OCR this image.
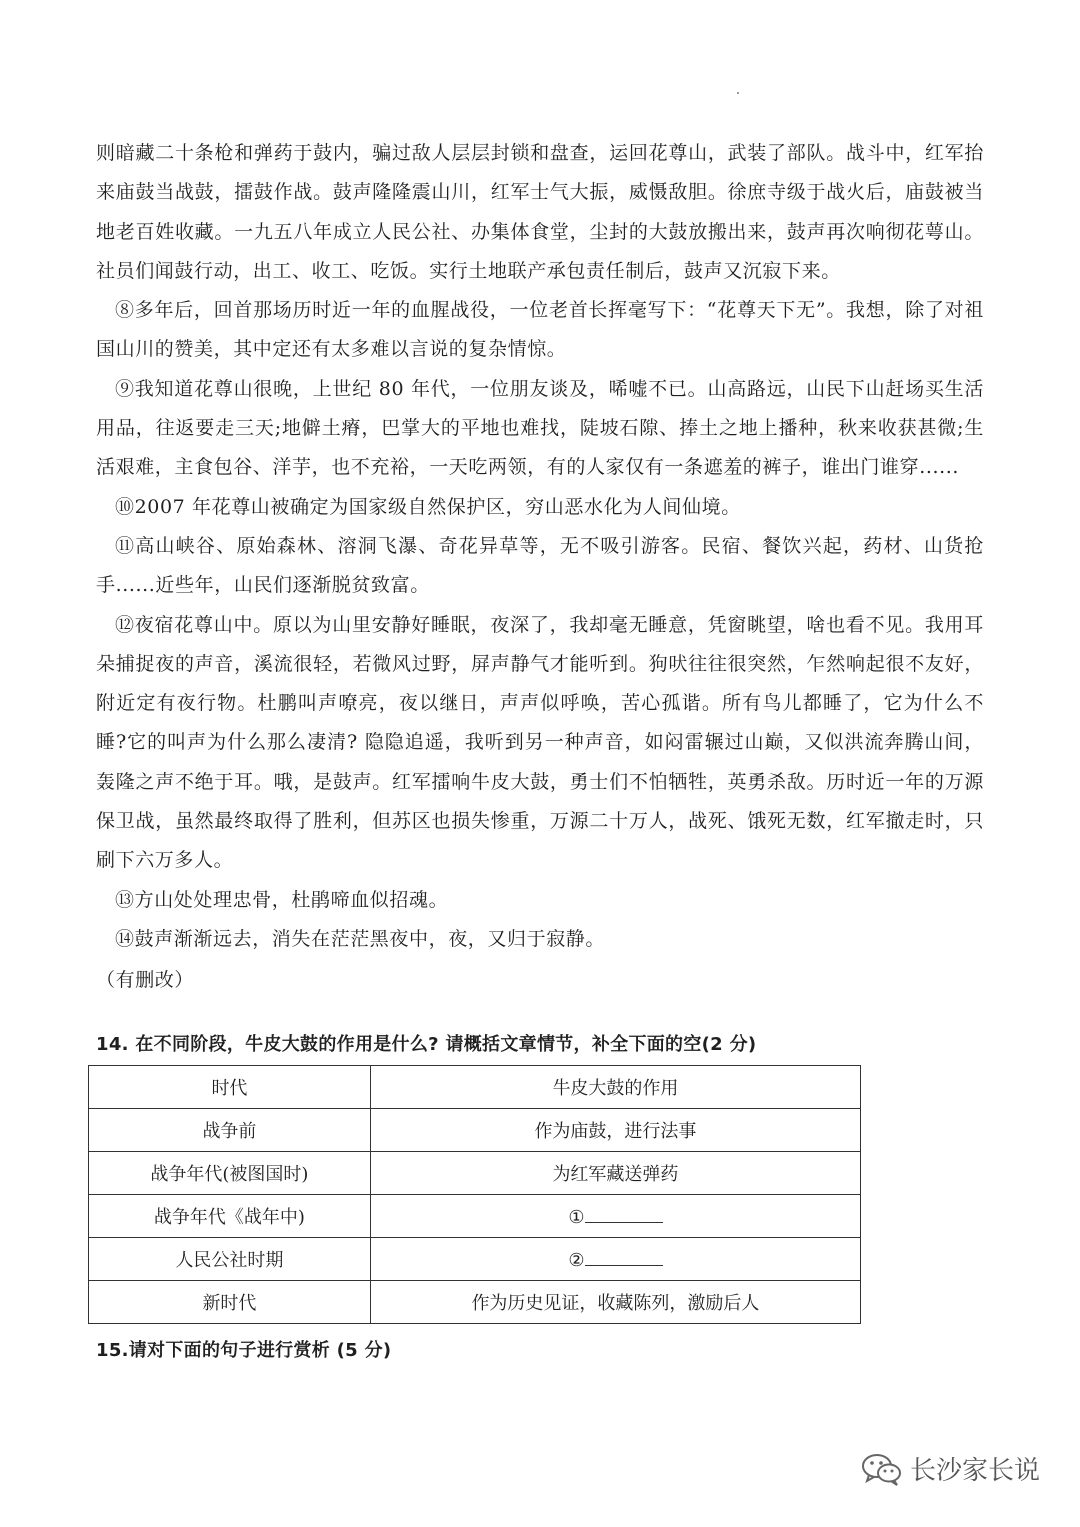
则暗藏二十条枪和弹药于鼓内，骗过敌人层层封锁和盘查，运回花尊山，武装了部队。战斗中，红军抬来庙鼓当战鼓，擂鼓作战。鼓声隆隆震山川，红军士气大振，威慑敌胆。徐庶寺级于战火后，庙鼓被当地老百姓收藏。一九五八年成立人民公社、办集体食堂，尘封的大鼓放搬出来，鼓声再次响彻花萼山。社员们闻鼓行动，出工、收工、吃饭。实行土地联产承包责任制后，鼓声又沉寂下来。

⑧多年后，回首那场历时近一年的血腥战役，一位老首长挥毫写下：“花尊天下无”。我想，除了对祖国山川的赞美，其中定还有太多难以言说的复杂情惊。

⑨我知道花尊山很晚，上世纪 80 年代，一位朋友谈及，唏嘘不已。山高路远，山民下山赶场买生活用品，往返要走三天;地僻土瘠，巴掌大的平地也难找，陡坡石隙、捧土之地上播种，秋来收获甚微;生活艰难，主食包谷、洋芋，也不充裕，一天吃两领，有的人家仅有一条遮羞的裤子，谁出门谁穿......

⑩2007 年花尊山被确定为国家级自然保护区，穷山恶水化为人间仙境。

⑪高山峡谷、原始森林、溶洞飞瀑、奇花异草等，无不吸引游客。民宿、餐饮兴起，药材、山货抢手......近些年，山民们逐渐脱贫致富。

⑫夜宿花尊山中。原以为山里安静好睡眠，夜深了，我却毫无睡意，凭窗眺望，啥也看不见。我用耳朵捕捉夜的声音，溪流很轻，若微风过野，屏声静气才能听到。狗吠往往很突然，乍然响起很不友好，附近定有夜行物。杜鹏叫声嘹亮，夜以继日，声声似呼唤，苦心孤谐。所有鸟儿都睡了，它为什么不睡?它的叫声为什么那么凄清? 隐隐追遥，我听到另一种声音，如闷雷辗过山巅，又似洪流奔腾山间，轰隆之声不绝于耳。哦，是鼓声。红军擂响牛皮大鼓，勇士们不怕牺牲，英勇杀敌。历时近一年的万源保卫战，虽然最终取得了胜利，但苏区也损失惨重，万源二十万人，战死、饿死无数，红军撤走时，只刷下六万多人。

⑬方山处处理忠骨，杜鹃啼血似招魂。

⑭鼓声渐渐远去，消失在茫茫黑夜中，夜，又归于寂静。

（有删改）

14. 在不同阶段，牛皮大鼓的作用是什么? 请概括文章情节，补全下面的空(2 分)
时代	牛皮大鼓的作用
战争前	作为庙鼓，进行法事
战争年代(被图国时)	为红军藏送弹药
战争年代《战年中)	①
人民公社时期	②
新时代	作为历史见证，收藏陈列，激励后人
15.请对下面的句子进行赏析 (5 分)
长沙家长说
